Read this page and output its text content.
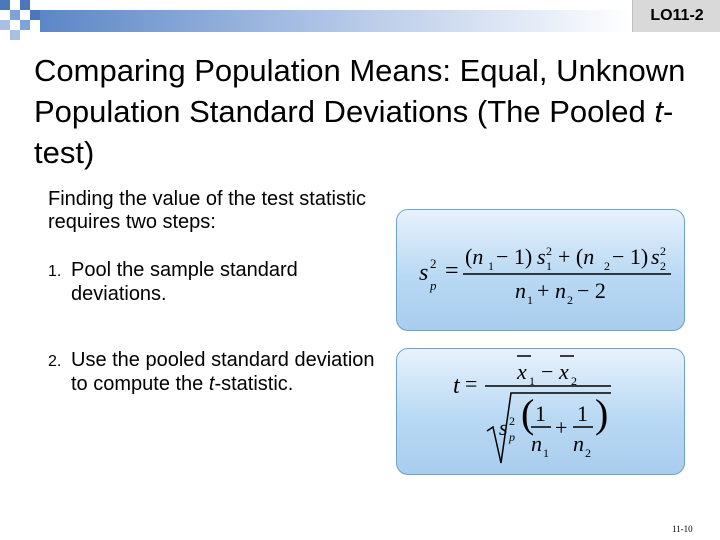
LO11-2
Comparing Population Means: Equal, Unknown Population Standard Deviations (The Pooled t-test)
Finding the value of the test statistic requires two steps:
1. Pool the sample standard deviations.
2. Use the pooled standard deviation to compute the t-statistic.
s 2
p
=
(n 1 − 1) s 2
1 + (n 2 − 1) s 2
2
n 1 + n 2 − 2
t = x 1 − x 2
s 2
p
( 1
n 1
+
1
n 2
)
11-10
